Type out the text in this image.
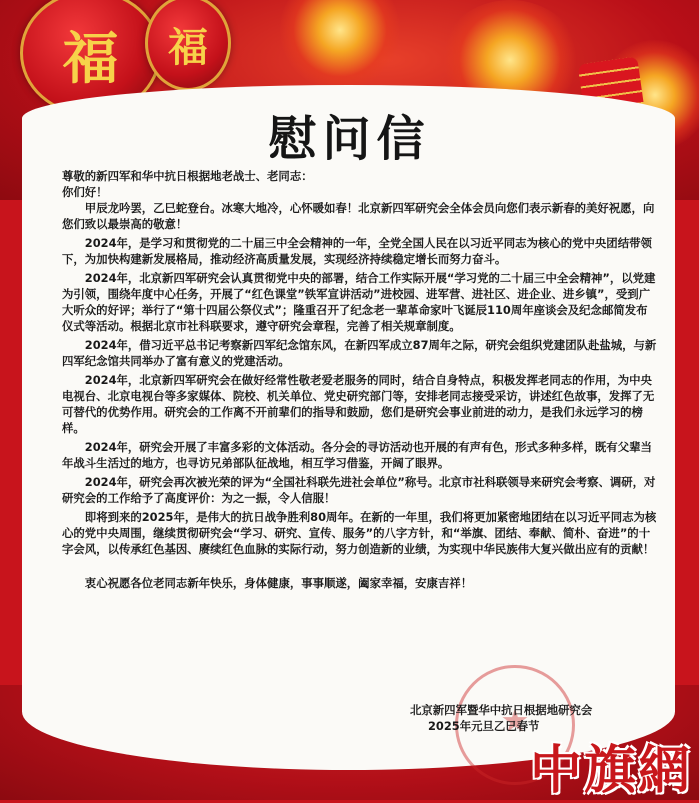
福	福
慰问信

尊敬的新四军和华中抗日根据地老战士、老同志：

你们好！

甲辰龙吟罢，乙巳蛇登台。冰寒大地冷，心怀暖如春！北京新四军研究会全体会员向您们表示新春的美好祝愿，向您们致以最崇高的敬意！

2024年，是学习和贯彻党的二十届三中全会精神的一年，全党全国人民在以习近平同志为核心的党中央团结带领下，为加快构建新发展格局，推动经济高质量发展，实现经济持续稳定增长而努力奋斗。

2024年，北京新四军研究会认真贯彻党中央的部署，结合工作实际开展“学习党的二十届三中全会精神”，以党建为引领，围绕年度中心任务，开展了“红色课堂”铁军宣讲活动”进校园、进军营、进社区、进企业、进乡镇”，受到广大听众的好评；举行了“第十四届公祭仪式”；隆重召开了纪念老一辈革命家叶飞诞辰110周年座谈会及纪念邮简发布仪式等活动。根据北京市社科联要求，遵守研究会章程，完善了相关规章制度。

2024年，借习近平总书记考察新四军纪念馆东风，在新四军成立87周年之际，研究会组织党建团队赴盐城，与新四军纪念馆共同举办了富有意义的党建活动。

2024年，北京新四军研究会在做好经常性敬老爱老服务的同时，结合自身特点，积极发挥老同志的作用，为中央电视台、北京电视台等多家媒体、院校、机关单位、党史研究部门等，安排老同志接受采访，讲述红色故事，发挥了无可替代的优势作用。研究会的工作离不开前辈们的指导和鼓励，您们是研究会事业前进的动力，是我们永远学习的榜样。

2024年，研究会开展了丰富多彩的文体活动。各分会的寻访活动也开展的有声有色，形式多种多样，既有父辈当年战斗生活过的地方，也寻访兄弟部队征战地，相互学习借鉴，开阔了眼界。

2024年，研究会再次被光荣的评为“全国社科联先进社会单位”称号。北京市社科联领导来研究会考察、调研，对研究会的工作给予了高度评价：为之一振，令人信服！

即将到来的2025年，是伟大的抗日战争胜利80周年。在新的一年里，我们将更加紧密地团结在以习近平同志为核心的党中央周围，继续贯彻研究会“学习、研究、宣传、服务”的八字方针，和“举旗、团结、奉献、简朴、奋进”的十字会风，以传承红色基因、赓续红色血脉的实际行动，努力创造新的业绩，为实现中华民族伟大复兴做出应有的贡献！

衷心祝愿各位老同志新年快乐，身体健康，事事顺遂，阖家幸福，安康吉祥！

北京新四军暨华中抗日根据地研究会
2025年元旦乙巳春节
中旗網
